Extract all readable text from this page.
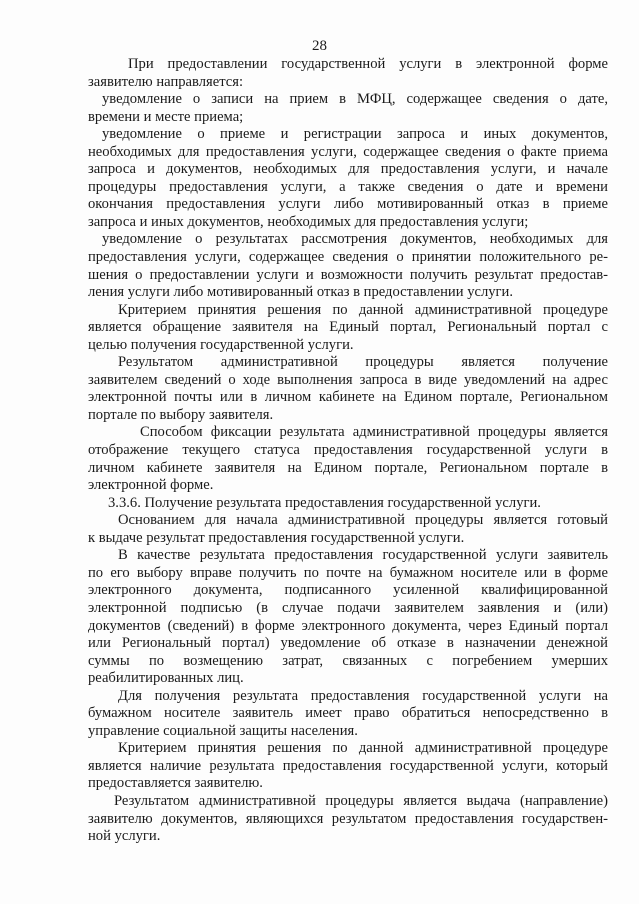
28
При предоставлении государственной услуги в электронной форме
заявителю направляется:
уведомление о записи на прием в МФЦ, содержащее сведения о дате,
времени и месте приема;
уведомление о приеме и регистрации запроса и иных документов,
необходимых для предоставления услуги, содержащее сведения о факте приема
запроса и документов, необходимых для предоставления услуги, и начале
процедуры предоставления услуги, а также сведения о дате и времени
окончания предоставления услуги либо мотивированный отказ в приеме
запроса и иных документов, необходимых для предоставления услуги;
уведомление о результатах рассмотрения документов, необходимых для
предоставления услуги, содержащее сведения о принятии положительного ре-
шения о предоставлении услуги и возможности получить результат предостав-
ления услуги либо мотивированный отказ в предоставлении услуги.
Критерием принятия решения по данной административной процедуре
является обращение заявителя на Единый портал, Региональный портал с
целью получения государственной услуги.
Результатом административной процедуры является получение
заявителем сведений о ходе выполнения запроса в виде уведомлений на адрес
электронной почты или в личном кабинете на Едином портале, Региональном
портале по выбору заявителя.
Способом фиксации результата административной процедуры является
отображение текущего статуса предоставления государственной услуги в
личном кабинете заявителя на Едином портале, Региональном портале в
электронной форме.
3.3.6. Получение результата предоставления государственной услуги.
Основанием для начала административной процедуры является готовый
к выдаче результат предоставления государственной услуги.
В качестве результата предоставления государственной услуги заявитель
по его выбору вправе получить по почте на бумажном носителе или в форме
электронного документа, подписанного усиленной квалифицированной
электронной подписью (в случае подачи заявителем заявления и (или)
документов (сведений) в форме электронного документа, через Единый портал
или Региональный портал) уведомление об отказе в назначении денежной
суммы по возмещению затрат, связанных с погребением умерших
реабилитированных лиц.
Для получения результата предоставления государственной услуги на
бумажном носителе заявитель имеет право обратиться непосредственно в
управление социальной защиты населения.
Критерием принятия решения по данной административной процедуре
является наличие результата предоставления государственной услуги, который
предоставляется заявителю.
Результатом административной процедуры является выдача (направление)
заявителю документов, являющихся результатом предоставления государствен-
ной услуги.
